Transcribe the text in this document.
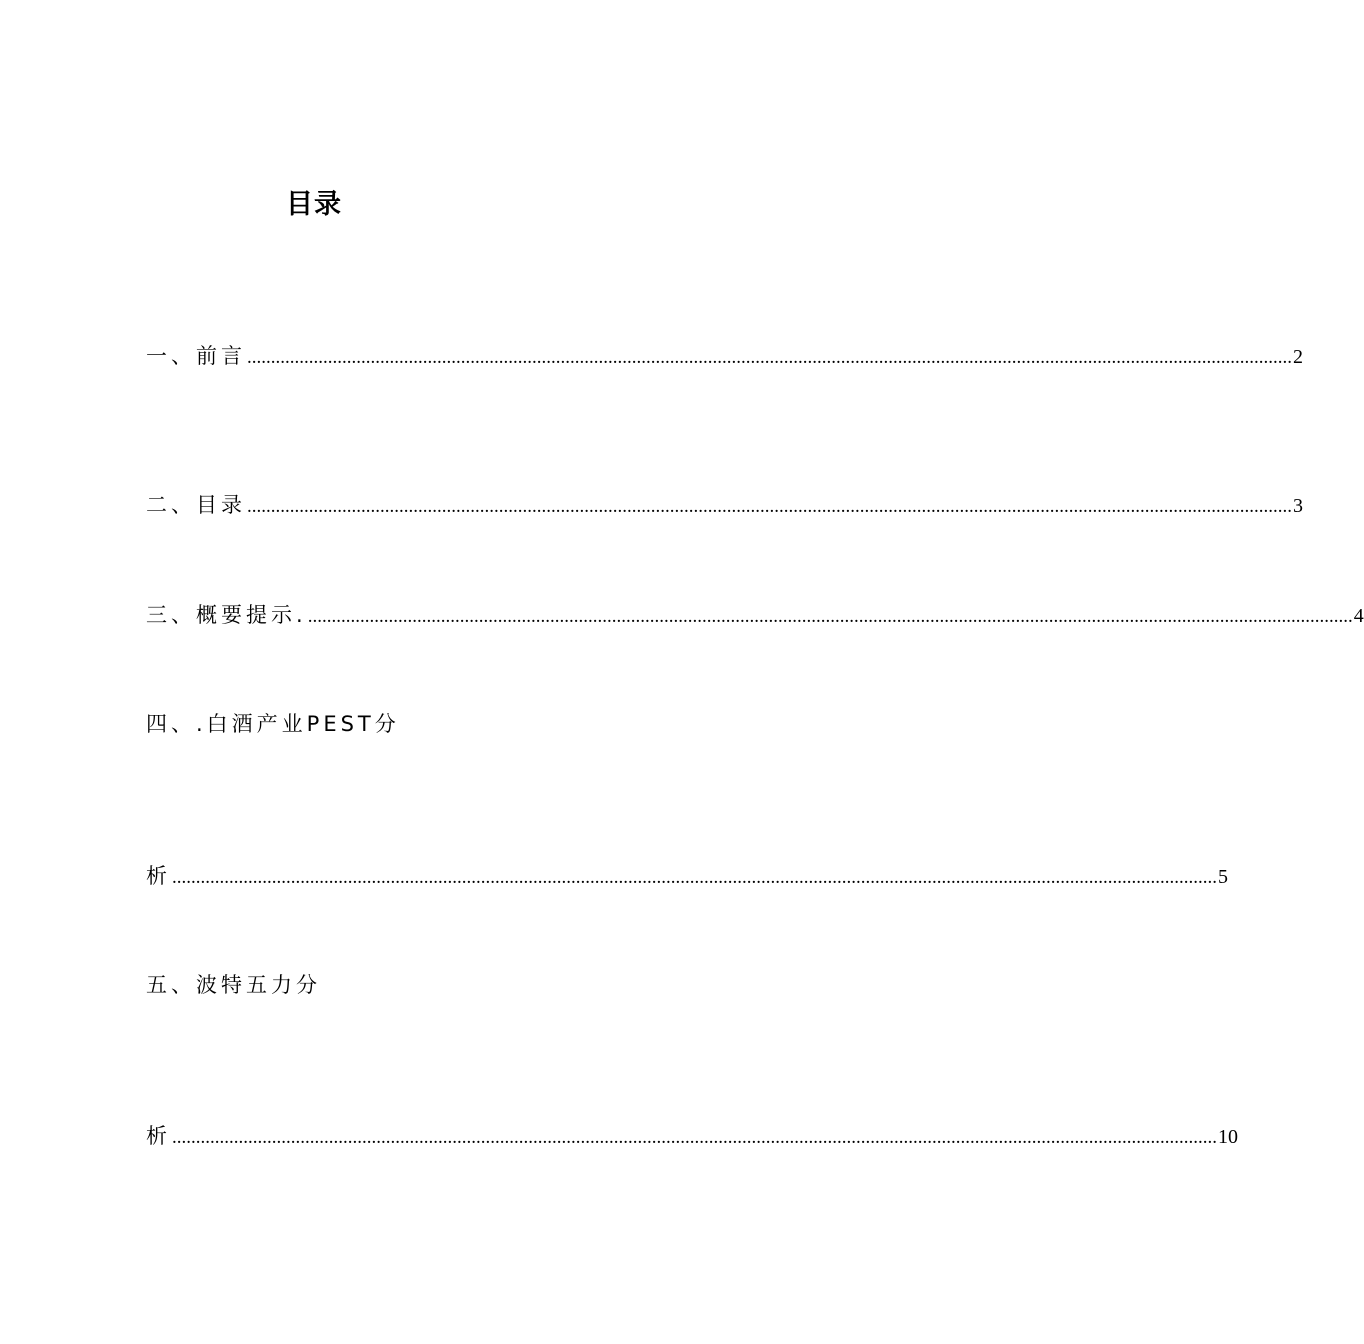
目录
一、前言 ............................................................................................................................................................................................................................ 2
二、目录 ............................................................................................................................................................................................................................ 3
三、概要提示. ............................................................................................................................................................................................................................ 4
四、.白酒产业PEST分
析 ............................................................................................................................................................................................................................ 5
五、波特五力分
析 ............................................................................................................................................................................................................................ 10
